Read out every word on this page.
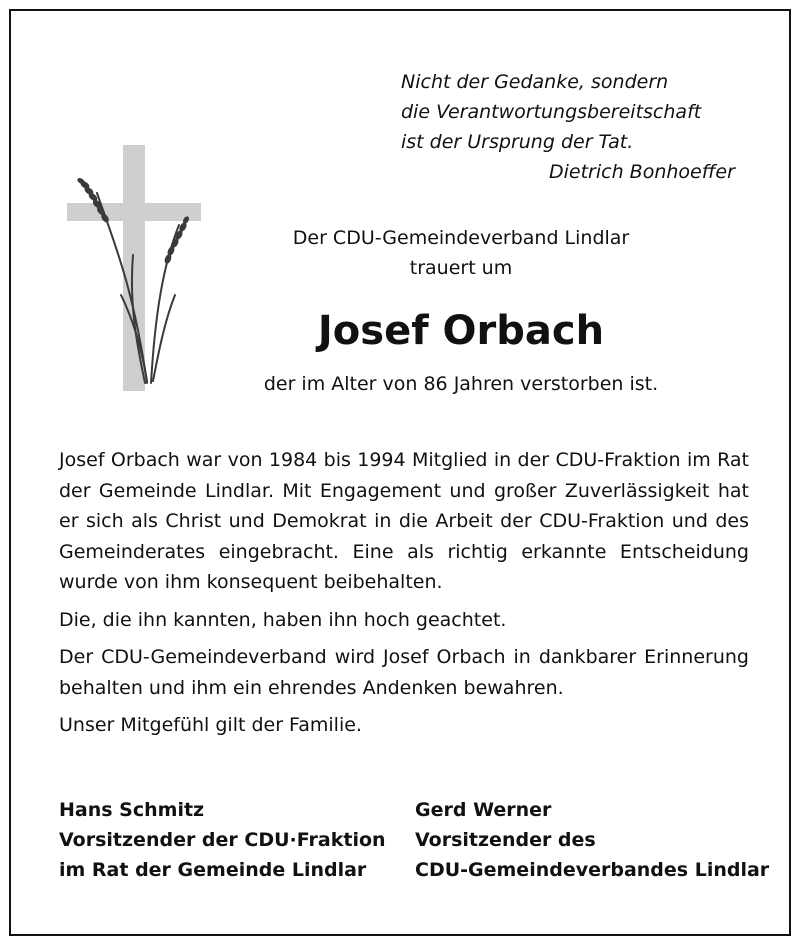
Nicht der Gedanke, sondern
die Verantwortungsbereitschaft
ist der Ursprung der Tat.
Dietrich Bonhoeffer
Der CDU-Gemeindeverband Lindlar
trauert um
Josef Orbach
der im Alter von 86 Jahren verstorben ist.

Josef Orbach war von 1984 bis 1994 Mitglied in der CDU-Fraktion im Rat der Gemeinde Lindlar. Mit Engagement und großer Zuverlässigkeit hat er sich als Christ und Demokrat in die Arbeit der CDU-Fraktion und des Gemeinderates eingebracht. Eine als richtig erkannte Entscheidung wurde von ihm konsequent beibehalten.

Die, die ihn kannten, haben ihn hoch geachtet.

Der CDU-Gemeindeverband wird Josef Orbach in dankbarer Erinnerung behalten und ihm ein ehrendes Andenken bewahren.

Unser Mitgefühl gilt der Familie.

Hans Schmitz
Vorsitzender der CDU·Fraktion
im Rat der Gemeinde Lindlar
Gerd Werner
Vorsitzender des
CDU-Gemeindeverbandes Lindlar
